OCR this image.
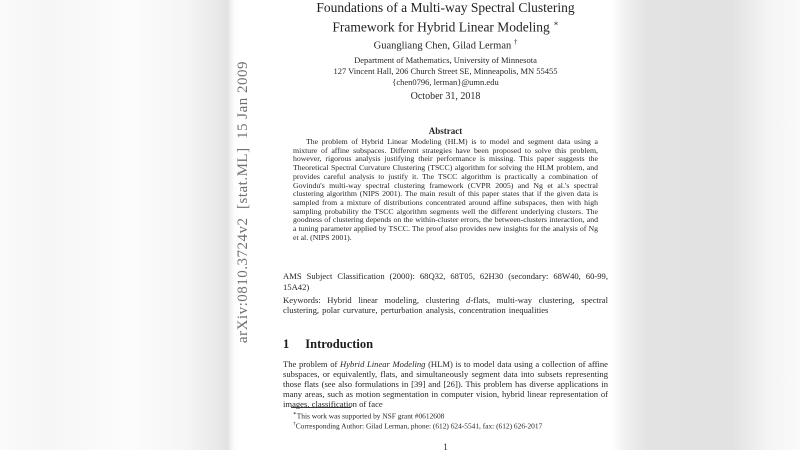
arXiv:0810.3724v2  [stat.ML]  15 Jan 2009
Foundations of a Multi-way Spectral Clustering
Framework for Hybrid Linear Modeling ∗
Guangliang Chen, Gilad Lerman †
Department of Mathematics, University of Minnesota
127 Vincent Hall, 206 Church Street SE, Minneapolis, MN 55455
{chen0796, lerman}@umn.edu
October 31, 2018
Abstract
The problem of Hybrid Linear Modeling (HLM) is to model and segment data using a mixture of affine subspaces. Different strategies have been proposed to solve this problem, however, rigorous analysis justifying their performance is missing. This paper suggests the Theoretical Spectral Curvature Clustering (TSCC) algorithm for solving the HLM problem, and provides careful analysis to justify it. The TSCC algorithm is practically a combination of Govindu's multi-way spectral clustering framework (CVPR 2005) and Ng et al.'s spectral clustering algorithm (NIPS 2001). The main result of this paper states that if the given data is sampled from a mixture of distributions concentrated around affine subspaces, then with high sampling probability the TSCC algorithm segments well the different underlying clusters. The goodness of clustering depends on the within-cluster errors, the between-clusters interaction, and a tuning parameter applied by TSCC. The proof also provides new insights for the analysis of Ng et al. (NIPS 2001).
AMS Subject Classification (2000): 68Q32, 68T05, 62H30 (secondary: 68W40, 60-99, 15A42)
Keywords: Hybrid linear modeling, clustering d-flats, multi-way clustering, spectral clustering, polar curvature, perturbation analysis, concentration inequalities
1 Introduction
The problem of Hybrid Linear Modeling (HLM) is to model data using a collection of affine subspaces, or equivalently, flats, and simultaneously segment data into subsets representing those flats (see also formulations in [39] and [26]). This problem has diverse applications in many areas, such as motion segmentation in computer vision, hybrid linear representation of images, classification of face

∗This work was supported by NSF grant #0612608

†Corresponding Author: Gilad Lerman, phone: (612) 624-5541, fax: (612) 626-2017

1
